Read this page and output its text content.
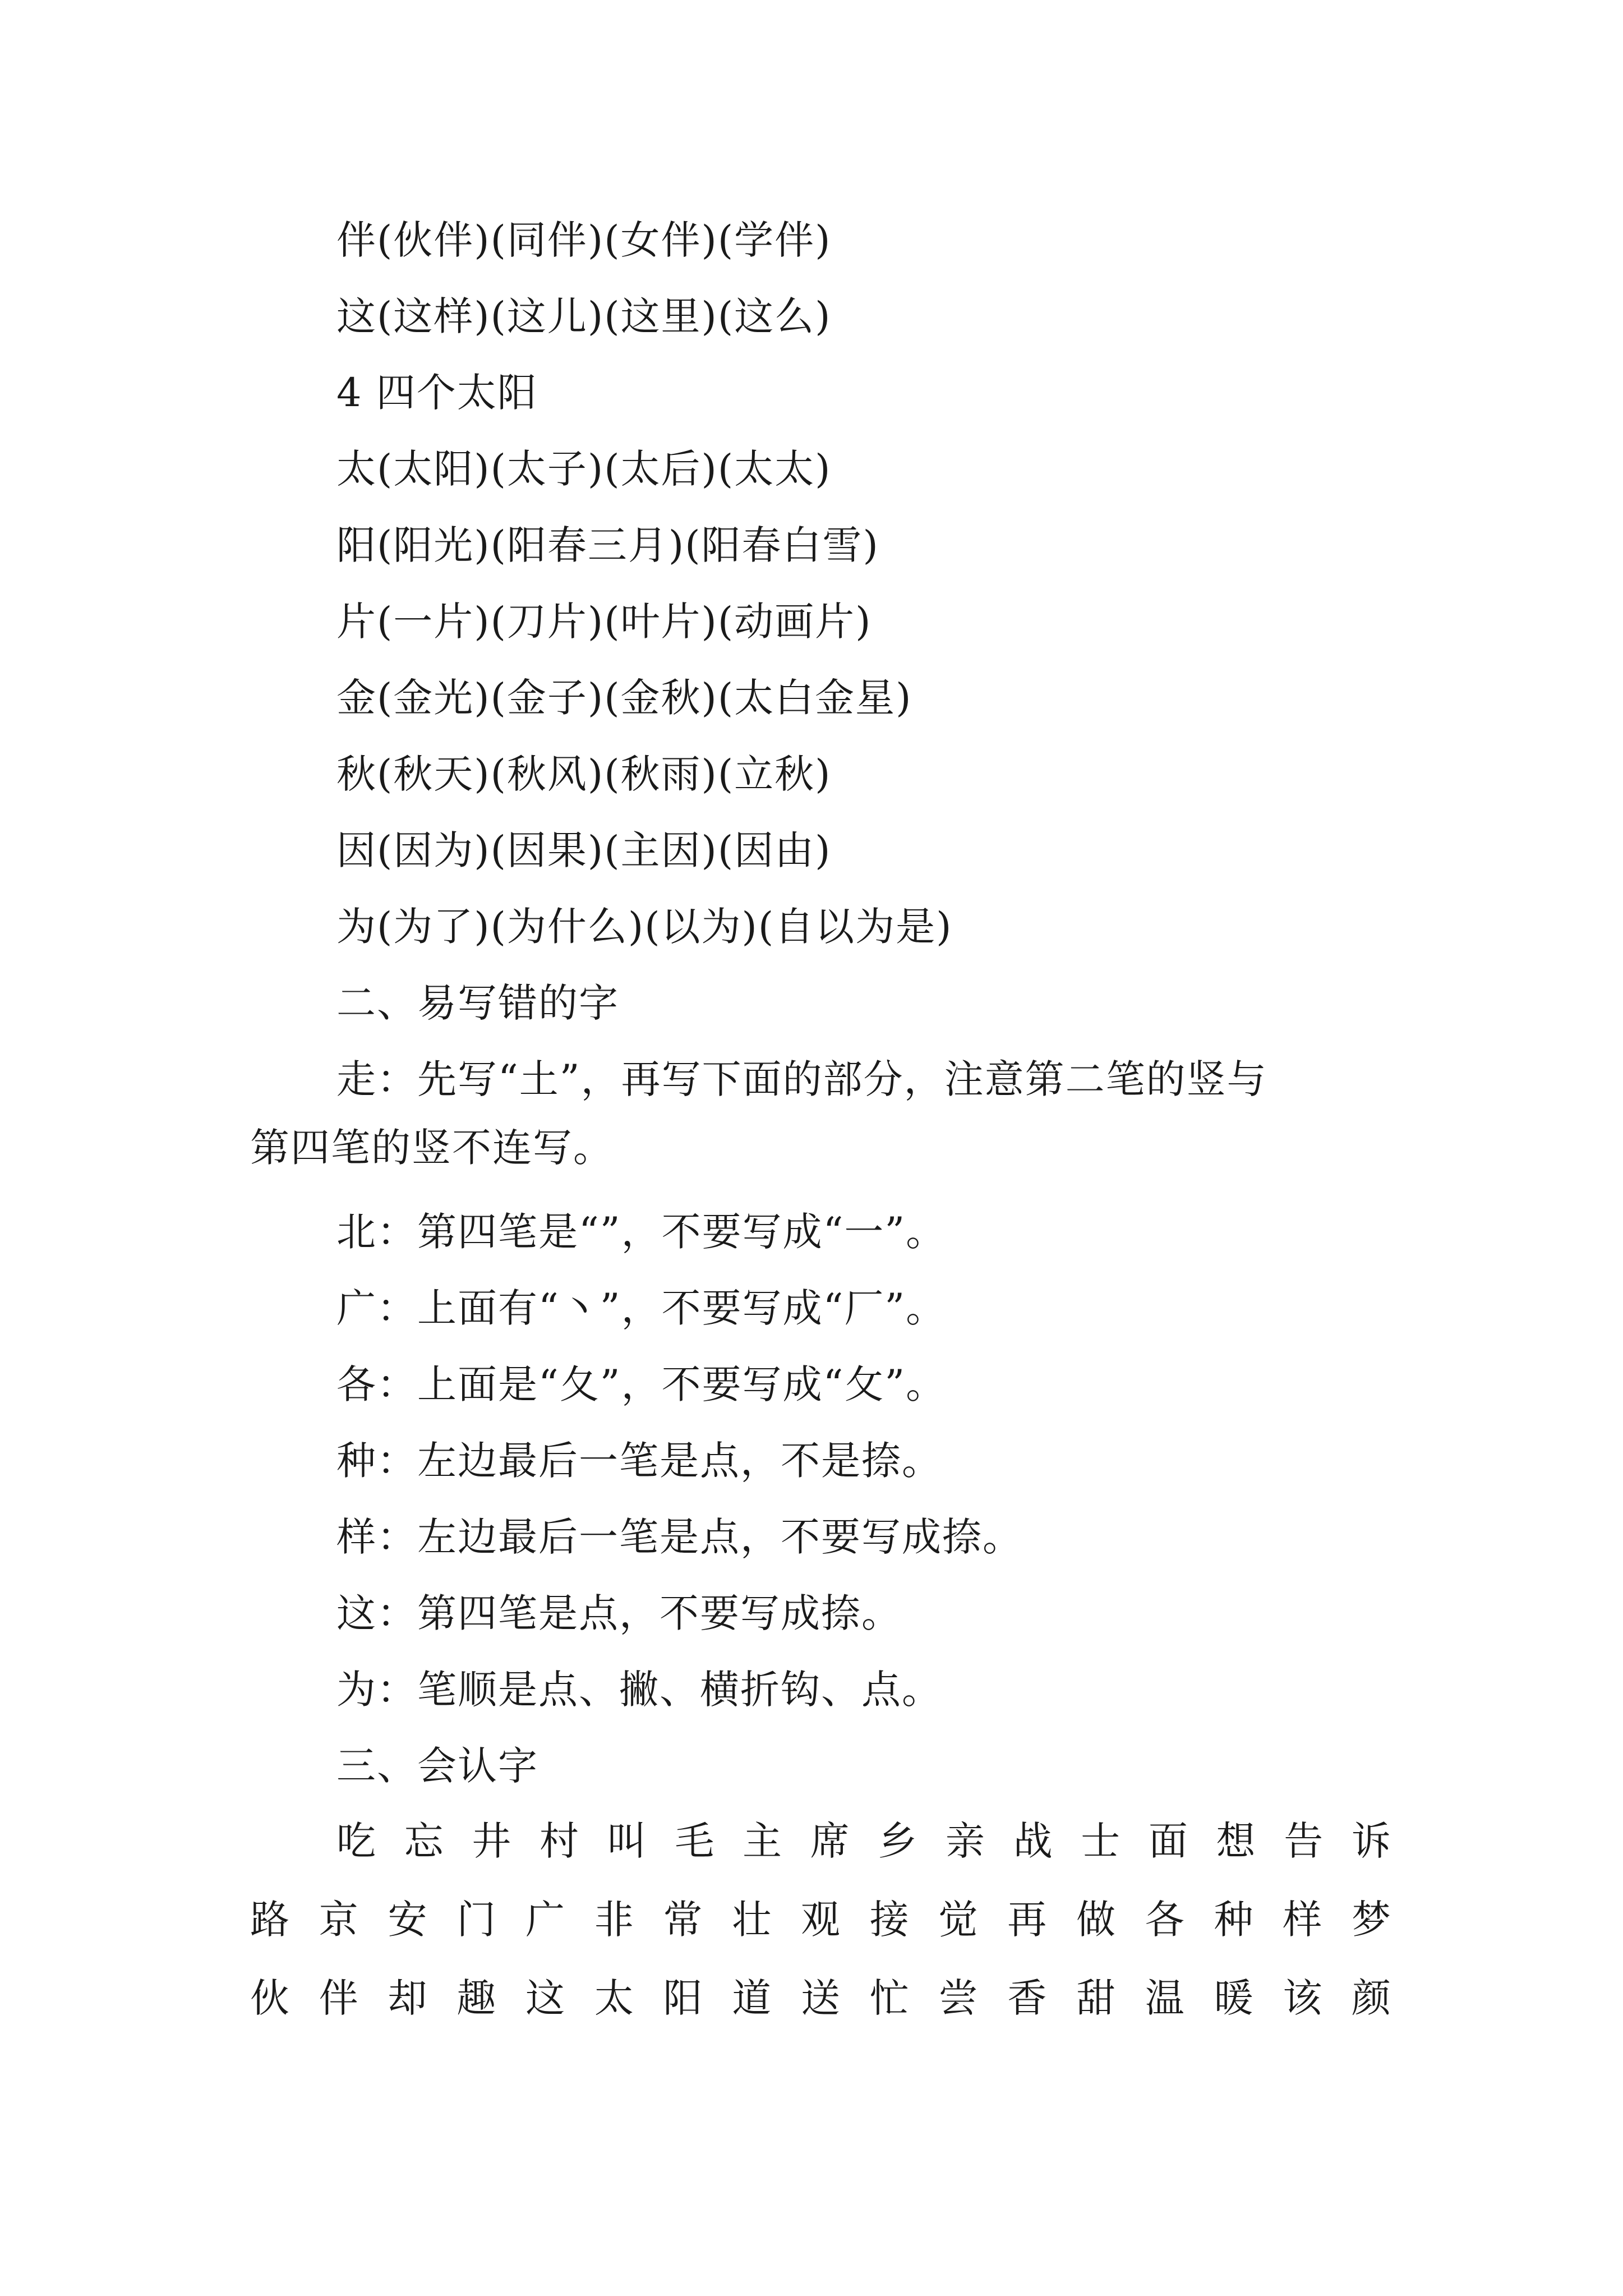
伴(伙伴)(同伴)(女伴)(学伴)
这(这样)(这儿)(这里)(这么)
4 四个太阳
太(太阳)(太子)(太后)(太太)
阳(阳光)(阳春三月)(阳春白雪)
片(一片)(刀片)(叶片)(动画片)
金(金光)(金子)(金秋)(太白金星)
秋(秋天)(秋风)(秋雨)(立秋)
因(因为)(因果)(主因)(因由)
为(为了)(为什么)(以为)(自以为是)
二、易写错的字
走：先写“土”，再写下面的部分，注意第二笔的竖与
第四笔的竖不连写。
北：第四笔是“”，不要写成“一”。
广：上面有“丶”，不要写成“厂”。
各：上面是“夂”，不要写成“攵”。
种：左边最后一笔是点，不是捺。
样：左边最后一笔是点，不要写成捺。
这：第四笔是点，不要写成捺。
为：笔顺是点、撇、横折钩、点。
三、会认字
吃 忘 井 村 叫 毛 主 席 乡 亲 战 士 面 想 告 诉
路 京 安 门 广 非 常 壮 观 接 觉 再 做 各 种 样 梦
伙 伴 却 趣 这 太 阳 道 送 忙 尝 香 甜 温 暖 该 颜
